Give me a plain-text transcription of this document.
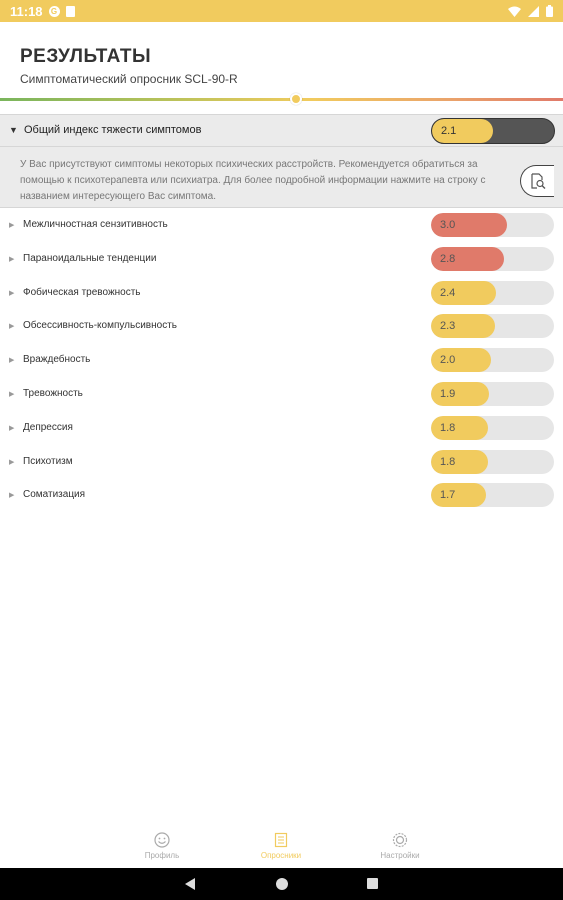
11:18 G
РЕЗУЛЬТАТЫ
Симптоматический опросник SCL-90-R
▼ Общий индекс тяжести симптомов	2.1
У Вас присутствуют симптомы некоторых психических расстройств. Рекомендуется обратиться за помощью к психотерапевта или психиатра. Для более подробной информации нажмите на строку с названием интересующего Вас симптома.
▶ Межличностная сензитивность	3.0
▶ Параноидальные тенденции	2.8
▶ Фобическая тревожность	2.4
▶ Обсессивность-компульсивность	2.3
▶ Враждебность	2.0
▶ Тревожность	1.9
▶ Депрессия	1.8
▶ Психотизм	1.8
▶ Соматизация	1.7
Профиль	Опросники	Настройки
